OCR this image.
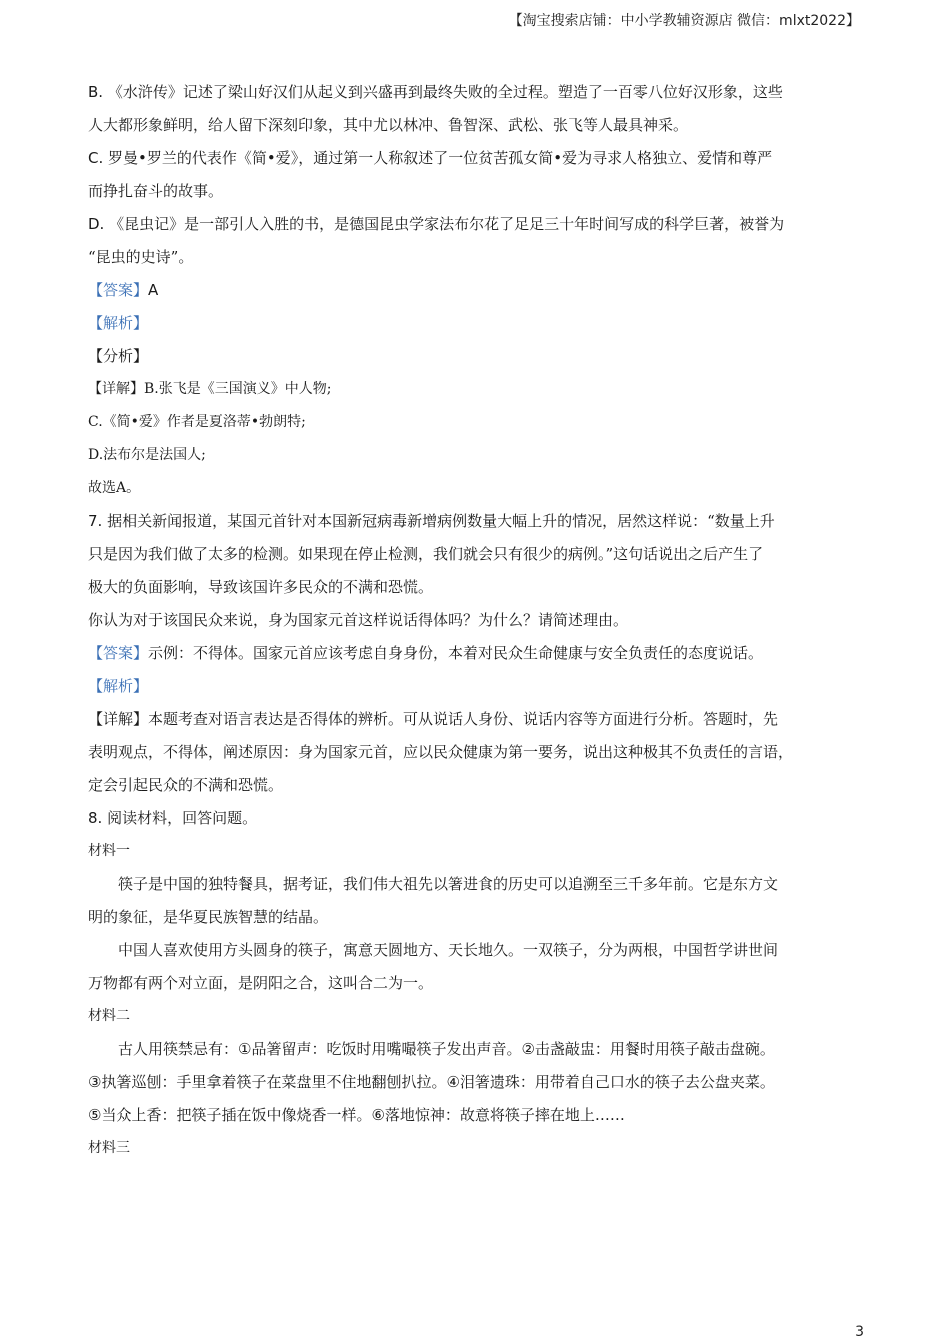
【淘宝搜索店铺：中小学教辅资源店 微信：mlxt2022】

B. 《水浒传》记述了梁山好汉们从起义到兴盛再到最终失败的全过程。塑造了一百零八位好汉形象，这些

人大都形象鲜明，给人留下深刻印象，其中尤以林冲、鲁智深、武松、张飞等人最具神采。

C. 罗曼•罗兰的代表作《简•爱》，通过第一人称叙述了一位贫苦孤女简•爱为寻求人格独立、爱情和尊严

而挣扎奋斗的故事。

D. 《昆虫记》是一部引人入胜的书，是德国昆虫学家法布尔花了足足三十年时间写成的科学巨著，被誉为

“昆虫的史诗”。

【答案】A

【解析】

【分析】

【详解】B.张飞是《三国演义》中人物;

C.《简•爱》作者是夏洛蒂•勃朗特;

D.法布尔是法国人;

故选A。

7. 据相关新闻报道，某国元首针对本国新冠病毒新增病例数量大幅上升的情况，居然这样说：“数量上升

只是因为我们做了太多的检测。如果现在停止检测，我们就会只有很少的病例。”这句话说出之后产生了

极大的负面影响，导致该国许多民众的不满和恐慌。

你认为对于该国民众来说，身为国家元首这样说话得体吗？为什么？请简述理由。

【答案】示例：不得体。国家元首应该考虑自身身份，本着对民众生命健康与安全负责任的态度说话。

【解析】

【详解】本题考查对语言表达是否得体的辨析。可从说话人身份、说话内容等方面进行分析。答题时，先

表明观点，不得体，阐述原因：身为国家元首，应以民众健康为第一要务，说出这种极其不负责任的言语，

定会引起民众的不满和恐慌。

8. 阅读材料，回答问题。

材料一

筷子是中国的独特餐具，据考证，我们伟大祖先以箸进食的历史可以追溯至三千多年前。它是东方文

明的象征，是华夏民族智慧的结晶。

中国人喜欢使用方头圆身的筷子，寓意天圆地方、天长地久。一双筷子，分为两根，中国哲学讲世间

万物都有两个对立面，是阴阳之合，这叫合二为一。

材料二

古人用筷禁忌有：①品箸留声：吃饭时用嘴嘬筷子发出声音。②击盏敲盅：用餐时用筷子敲击盘碗。

③执箸巡刨：手里拿着筷子在菜盘里不住地翻刨扒拉。④泪箸遗珠：用带着自己口水的筷子去公盘夹菜。

⑤当众上香：把筷子插在饭中像烧香一样。⑥落地惊神：故意将筷子摔在地上……

材料三

3
